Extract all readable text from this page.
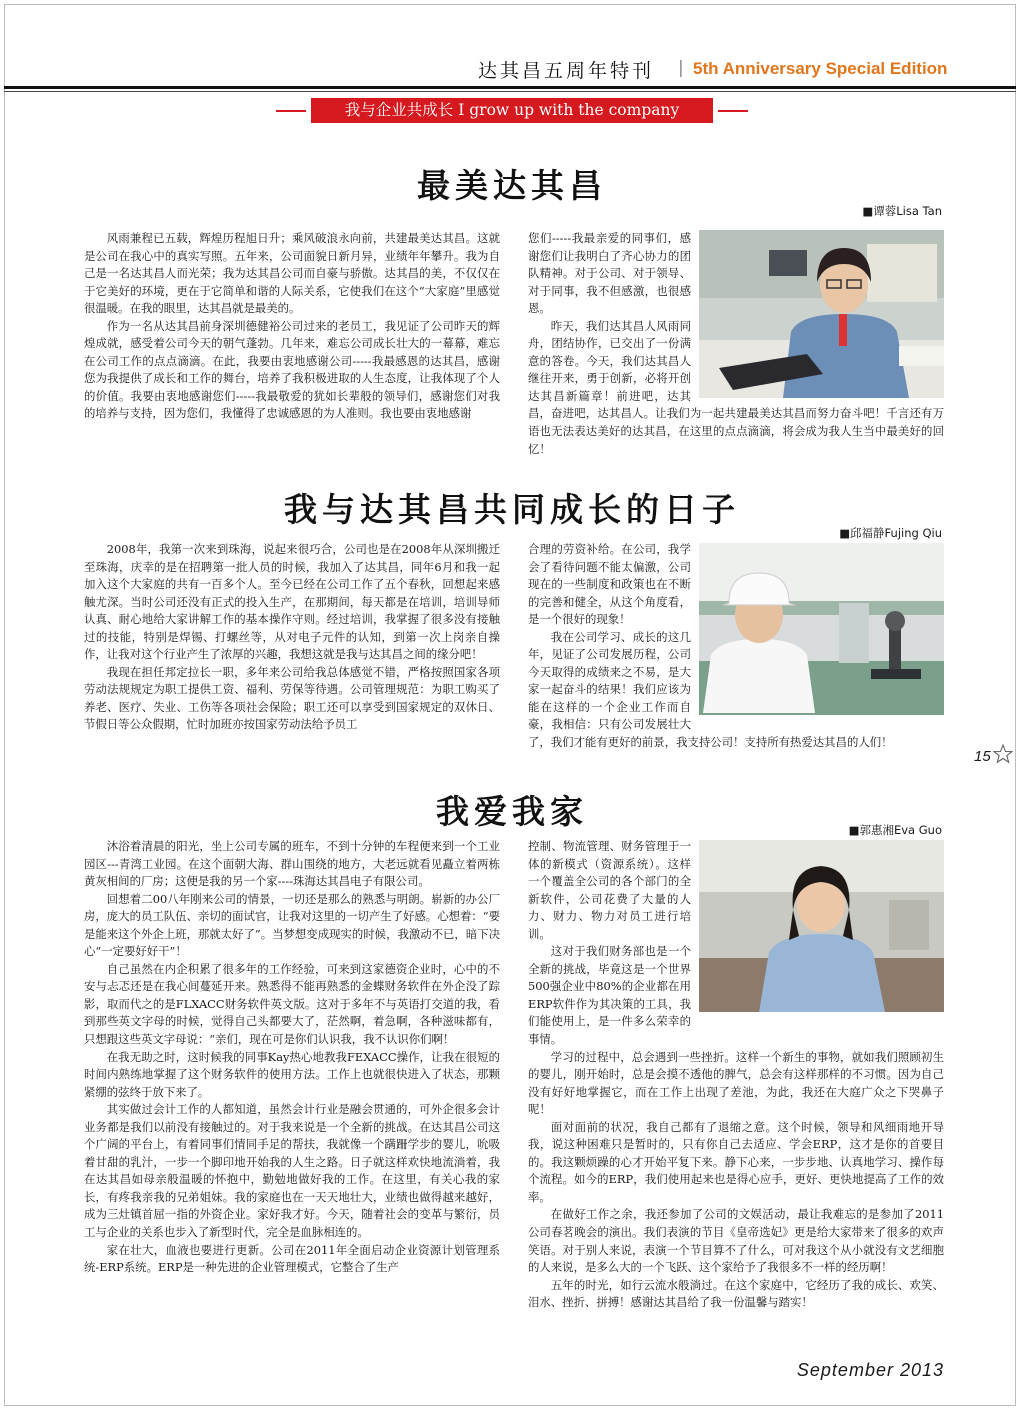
达其昌五周年特刊 | 5th Anniversary Special Edition
我与企业共成长 I grow up with the company
最美达其昌
■谭蓉Lisa Tan

风雨兼程已五载，辉煌历程旭日升；乘风破浪永向前，共建最美达其昌。这就是公司在我心中的真实写照。五年来，公司面貌日新月异，业绩年年攀升。我为自己是一名达其昌人而光荣；我为达其昌公司而自豪与骄傲。达其昌的美，不仅仅在于它美好的环境，更在于它简单和谐的人际关系，它使我们在这个“大家庭”里感觉很温暖。在我的眼里，达其昌就是最美的。

作为一名从达其昌前身深圳德健裕公司过来的老员工，我见证了公司昨天的辉煌成就，感受着公司今天的朝气蓬勃。几年来，难忘公司成长壮大的一幕幕，难忘在公司工作的点点滴滴。在此，我要由衷地感谢公司-----我最感恩的达其昌，感谢您为我提供了成长和工作的舞台，培养了我积极进取的人生态度，让我体现了个人的价值。我要由衷地感谢您们-----我最敬爱的犹如长辈般的领导们，感谢您们对我的培养与支持，因为您们，我懂得了忠诚感恩的为人准则。我也要由衷地感谢

您们-----我最亲爱的同事们，感谢您们让我明白了齐心协力的团队精神。对于公司、对于领导、对于同事，我不但感激，也很感恩。

昨天，我们达其昌人风雨同舟，团结协作，已交出了一份满意的答卷。今天，我们达其昌人继往开来，勇于创新，必将开创达其昌新篇章！前进吧，达其昌，奋进吧，达其昌人。让我们为一起共建最美达其昌而努力奋斗吧！千言还有万语也无法表达美好的达其昌，在这里的点点滴滴，将会成为我人生当中最美好的回忆！

我与达其昌共同成长的日子
■邱福静Fujing Qiu

2008年，我第一次来到珠海，说起来很巧合，公司也是在2008年从深圳搬迁至珠海，庆幸的是在招聘第一批人员的时候，我加入了达其昌，同年6月和我一起加入这个大家庭的共有一百多个人。至今已经在公司工作了五个春秋，回想起来感触尤深。当时公司还没有正式的投入生产，在那期间，每天都是在培训，培训导师认真、耐心地给大家讲解工作的基本操作守则。经过培训，我掌握了很多没有接触过的技能，特别是焊锡、打螺丝等，从对电子元件的认知，到第一次上岗亲自操作，让我对这个行业产生了浓厚的兴趣，我想这就是我与达其昌之间的缘分吧！

我现在担任邦定拉长一职，多年来公司给我总体感觉不错，严格按照国家各项劳动法规规定为职工提供工资、福利、劳保等待遇。公司管理规范：为职工购买了养老、医疗、失业、工伤等各项社会保险；职工还可以享受到国家规定的双休日、节假日等公众假期，忙时加班亦按国家劳动法给予员工

合理的劳资补给。在公司，我学会了看待问题不能太偏激，公司现在的一些制度和政策也在不断的完善和健全，从这个角度看，是一个很好的现象！

我在公司学习、成长的这几年，见证了公司发展历程，公司今天取得的成绩来之不易，是大家一起奋斗的结果！我们应该为能在这样的一个企业工作而自豪，我相信：只有公司发展壮大了，我们才能有更好的前景，我支持公司！支持所有热爱达其昌的人们！

15
我爱我家	■郭惠湘Eva Guo

沐浴着清晨的阳光，坐上公司专属的班车，不到十分钟的车程便来到一个工业园区---青湾工业园。在这个面朝大海、群山围绕的地方，大老远就看见矗立着两栋黄灰相间的厂房；这便是我的另一个家----珠海达其昌电子有限公司。

回想着二00八年刚来公司的情景，一切还是那么的熟悉与明朗。崭新的办公厂房，庞大的员工队伍、亲切的面试官，让我对这里的一切产生了好感。心想着：“要是能来这个外企上班，那就太好了”。当梦想变成现实的时候，我激动不已，暗下决心“一定要好好干”！

自己虽然在内企积累了很多年的工作经验，可来到这家德资企业时，心中的不安与忐忑还是在我心间蔓延开来。熟悉得不能再熟悉的金蝶财务软件在外企没了踪影，取而代之的是FLXACC财务软件英文版。这对于多年不与英语打交道的我，看到那些英文字母的时候，觉得自己头都要大了，茫然啊，着急啊，各种滋味都有，只想跟这些英文字母说：“亲们，现在可是你们认识我，我不认识你们啊！

在我无助之时，这时候我的同事Kay热心地教我FEXACC操作，让我在很短的时间内熟练地掌握了这个财务软件的使用方法。工作上也就很快进入了状态，那颗紧绷的弦终于放下来了。

其实做过会计工作的人都知道，虽然会计行业是融会贯通的，可外企很多会计业务都是我们以前没有接触过的。对于我来说是一个全新的挑战。在达其昌公司这个广阔的平台上，有着同事们情同手足的帮扶，我就像一个蹒跚学步的婴儿，吮吸着甘甜的乳汁，一步一个脚印地开始我的人生之路。日子就这样欢快地流淌着，我在达其昌如母亲般温暖的怀抱中，勤勉地做好我的工作。在这里，有关心我的家长，有疼我亲我的兄弟姐妹。我的家庭也在一天天地壮大，业绩也做得越来越好，成为三灶镇首屈一指的外资企业。家好我才好。今天，随着社会的变革与繁衍，员工与企业的关系也步入了新型时代，完全是血脉相连的。

家在壮大，血液也要进行更新。公司在2011年全面启动企业资源计划管理系统-ERP系统。ERP是一种先进的企业管理模式，它整合了生产

控制、物流管理、财务管理于一体的新模式（资源系统）。这样一个覆盖全公司的各个部门的全新软件，公司花费了大量的人力、财力、物力对员工进行培训。

这对于我们财务部也是一个全新的挑战，毕竟这是一个世界500强企业中80%的企业都在用ERP软件作为其决策的工具，我们能使用上，是一件多么荣幸的事情。

学习的过程中，总会遇到一些挫折。这样一个新生的事物，就如我们照顾初生的婴儿，刚开始时，总是会摸不透他的脾气，总会有这样那样的不习惯。因为自己没有好好地掌握它，而在工作上出现了差池，为此，我还在大庭广众之下哭鼻子呢！

面对面前的状况，我自己都有了退缩之意。这个时候，领导和风细雨地开导我，说这种困难只是暂时的，只有你自己去适应、学会ERP，这才是你的首要目的。我这颗烦躁的心才开始平复下来。静下心来，一步步地、认真地学习、操作每个流程。如今的ERP，我们使用起来也是得心应手，更好、更快地提高了工作的效率。

在做好工作之余，我还参加了公司的文娱活动，最让我难忘的是参加了2011公司春茗晚会的演出。我们表演的节目《皇帝选妃》更是给大家带来了很多的欢声笑语。对于别人来说，表演一个节目算不了什么，可对我这个从小就没有文艺细胞的人来说，是多么大的一个飞跃、这个家给予了我很多不一样的经历啊！

五年的时光，如行云流水般淌过。在这个家庭中，它经历了我的成长、欢笑、泪水、挫折、拼搏！感谢达其昌给了我一份温馨与踏实！

September 2013
